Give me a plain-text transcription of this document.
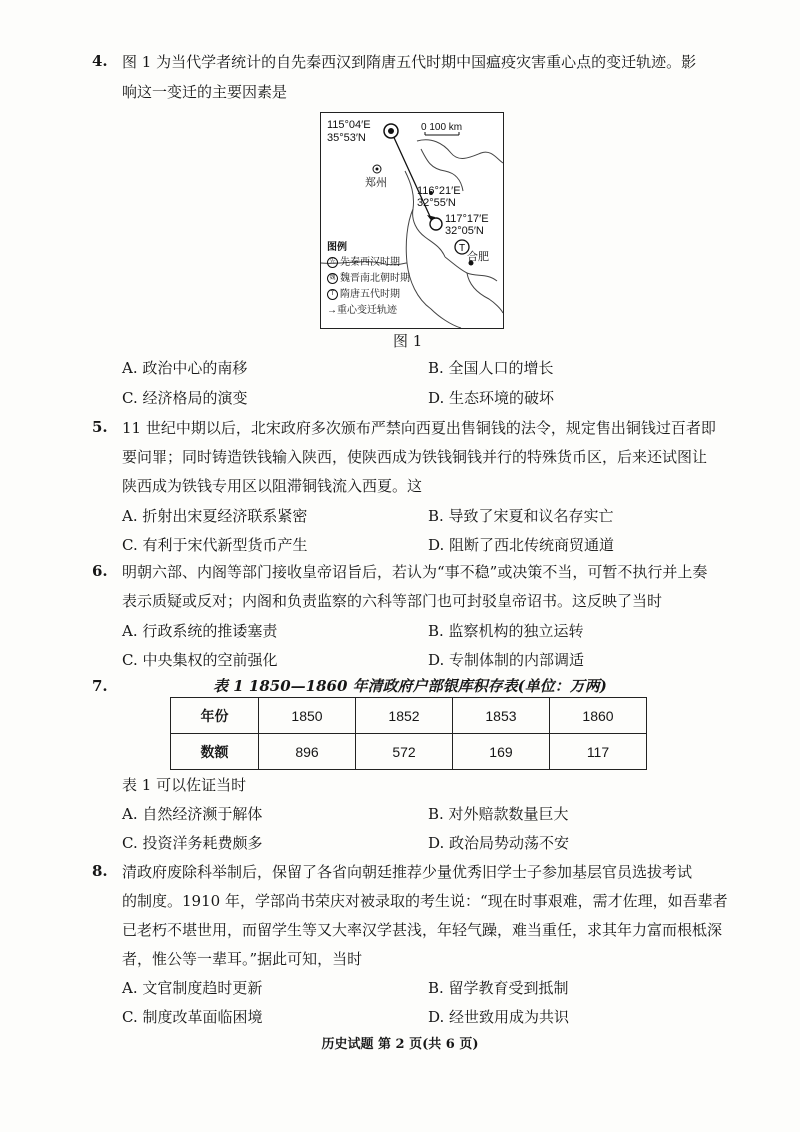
4. 图 1 为当代学者统计的自先秦西汉到隋唐五代时期中国瘟疫灾害重心点的变迁轨迹。影
响这一变迁的主要因素是
T
115°04′E
35°53′N
0 100 km
郑州
116°21′E
32°55′N
117°17′E
32°05′N
合肥
图例
先 先秦西汉时期
魏 魏晋南北朝时期
T 隋唐五代时期
→重心变迁轨迹
图 1
A. 政治中心的南移	B. 全国人口的增长
C. 经济格局的演变	D. 生态环境的破坏
5. 11 世纪中期以后，北宋政府多次颁布严禁向西夏出售铜钱的法令，规定售出铜钱过百者即
要问罪；同时铸造铁钱输入陕西，使陕西成为铁钱铜钱并行的特殊货币区，后来还试图让
陕西成为铁钱专用区以阻滞铜钱流入西夏。这
A. 折射出宋夏经济联系紧密	B. 导致了宋夏和议名存实亡
C. 有利于宋代新型货币产生	D. 阻断了西北传统商贸通道
6. 明朝六部、内阁等部门接收皇帝诏旨后，若认为“事不稳”或决策不当，可暂不执行并上奏
表示质疑或反对；内阁和负责监察的六科等部门也可封驳皇帝诏书。这反映了当时
A. 行政系统的推诿塞责	B. 监察机构的独立运转
C. 中央集权的空前强化	D. 专制体制的内部调适
7.	表 1 1850—1860 年清政府户部银库积存表(单位：万两)
年份	1850	1852	1853	1860
数额	896	572	169	117
表 1 可以佐证当时
A. 自然经济濒于解体	B. 对外赔款数量巨大
C. 投资洋务耗费颇多	D. 政治局势动荡不安
8. 清政府废除科举制后，保留了各省向朝廷推荐少量优秀旧学士子参加基层官员选拔考试
的制度。1910 年，学部尚书荣庆对被录取的考生说：“现在时事艰难，需才佐理，如吾辈者
已老朽不堪世用，而留学生等又大率汉学甚浅，年轻气躁，难当重任，求其年力富而根柢深
者，惟公等一辈耳。”据此可知，当时
A. 文官制度趋时更新	B. 留学教育受到抵制
C. 制度改革面临困境	D. 经世致用成为共识
历史试题 第 2 页(共 6 页)
